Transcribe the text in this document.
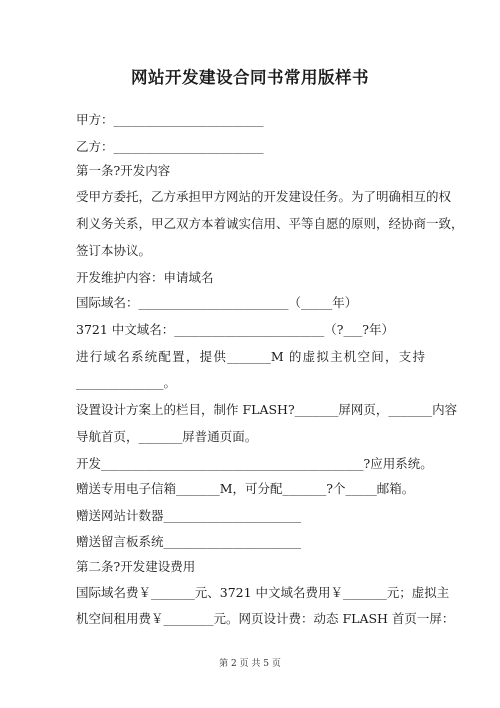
网站开发建设合同书常用版样书
甲方：________________________
乙方：________________________
第一条?开发内容
受甲方委托，乙方承担甲方网站的开发建设任务。为了明确相互的权
利义务关系，甲乙双方本着诚实信用、平等自愿的原则，经协商一致，
签订本协议。
开发维护内容：申请域名
国际域名：________________________（_____年）
3721 中文域名：________________________（?___?年）
进行域名系统配置，提供_______M 的虚拟主机空间，支持
______________。
设置设计方案上的栏目，制作 FLASH?_______屏网页，_______内容
导航首页，_______屏普通页面。
开发__________________________________________?应用系统。
赠送专用电子信箱_______M，可分配_______?个_____邮箱。
赠送网站计数器______________________
赠送留言板系统______________________
第二条?开发建设费用
国际域名费￥_______元、3721 中文域名费用￥_______元；虚拟主
机空间租用费￥________元。网页设计费：动态 FLASH 首页一屏：
第 2 页 共 5 页
